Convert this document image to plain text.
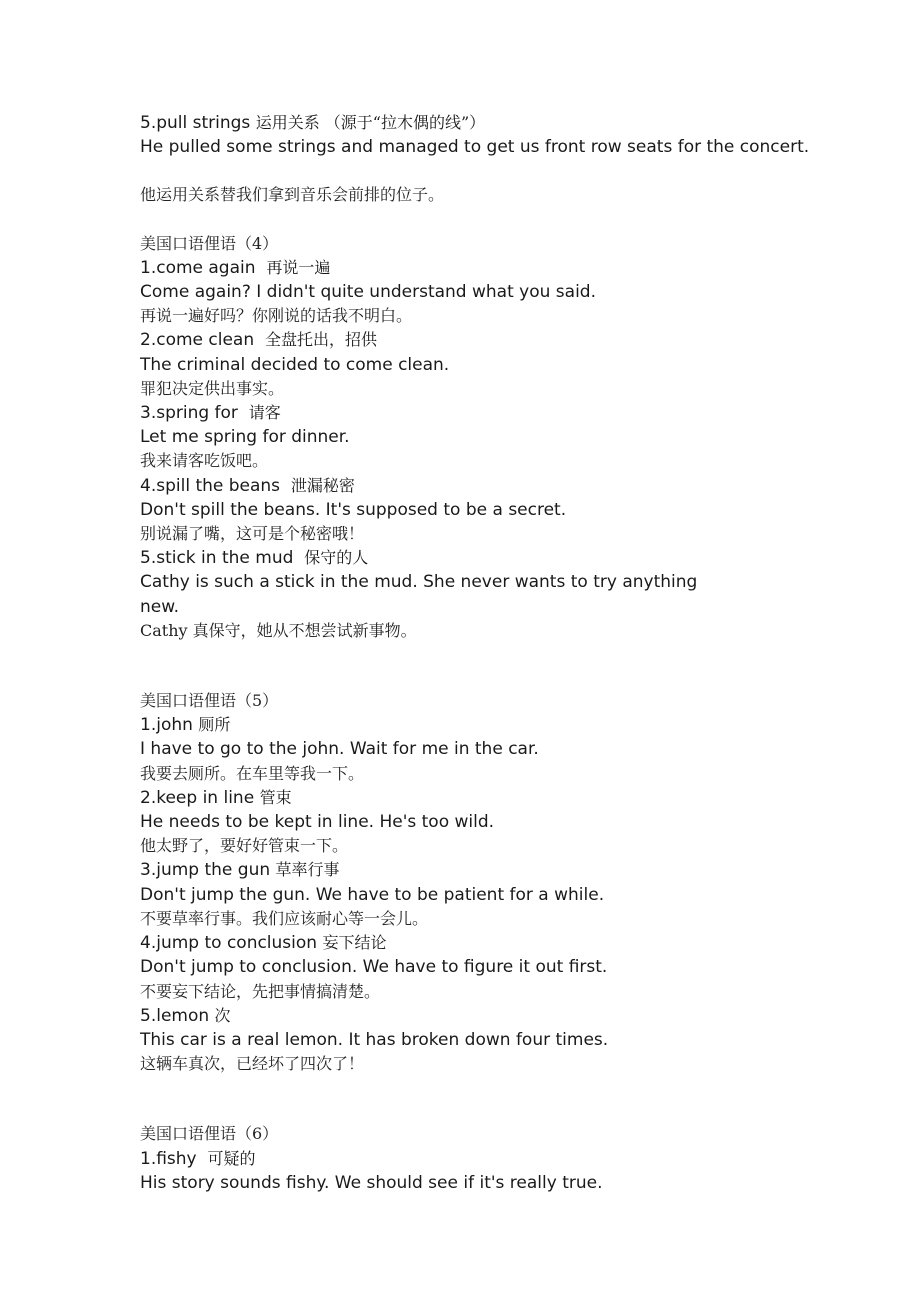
5.pull strings 运用关系 （源于“拉木偶的线”）

He pulled some strings and managed to get us front row seats for the concert.

他运用关系替我们拿到音乐会前排的位子。

美国口语俚语（4）

1.come again 再说一遍

Come again? I didn't quite understand what you said.

再说一遍好吗？你刚说的话我不明白。

2.come clean 全盘托出，招供

The criminal decided to come clean.

罪犯决定供出事实。

3.spring for 请客

Let me spring for dinner.

我来请客吃饭吧。

4.spill the beans 泄漏秘密

Don't spill the beans. It's supposed to be a secret.

别说漏了嘴，这可是个秘密哦！

5.stick in the mud 保守的人

Cathy is such a stick in the mud. She never wants to try anything

new.

Cathy 真保守，她从不想尝试新事物。

美国口语俚语（5）

1.john 厕所

I have to go to the john. Wait for me in the car.

我要去厕所。在车里等我一下。

2.keep in line 管束

He needs to be kept in line. He's too wild.

他太野了，要好好管束一下。

3.jump the gun 草率行事

Don't jump the gun. We have to be patient for a while.

不要草率行事。我们应该耐心等一会儿。

4.jump to conclusion 妄下结论

Don't jump to conclusion. We have to figure it out first.

不要妄下结论，先把事情搞清楚。

5.lemon 次

This car is a real lemon. It has broken down four times.

这辆车真次，已经坏了四次了！

美国口语俚语（6）

1.fishy 可疑的

His story sounds fishy. We should see if it's really true.
